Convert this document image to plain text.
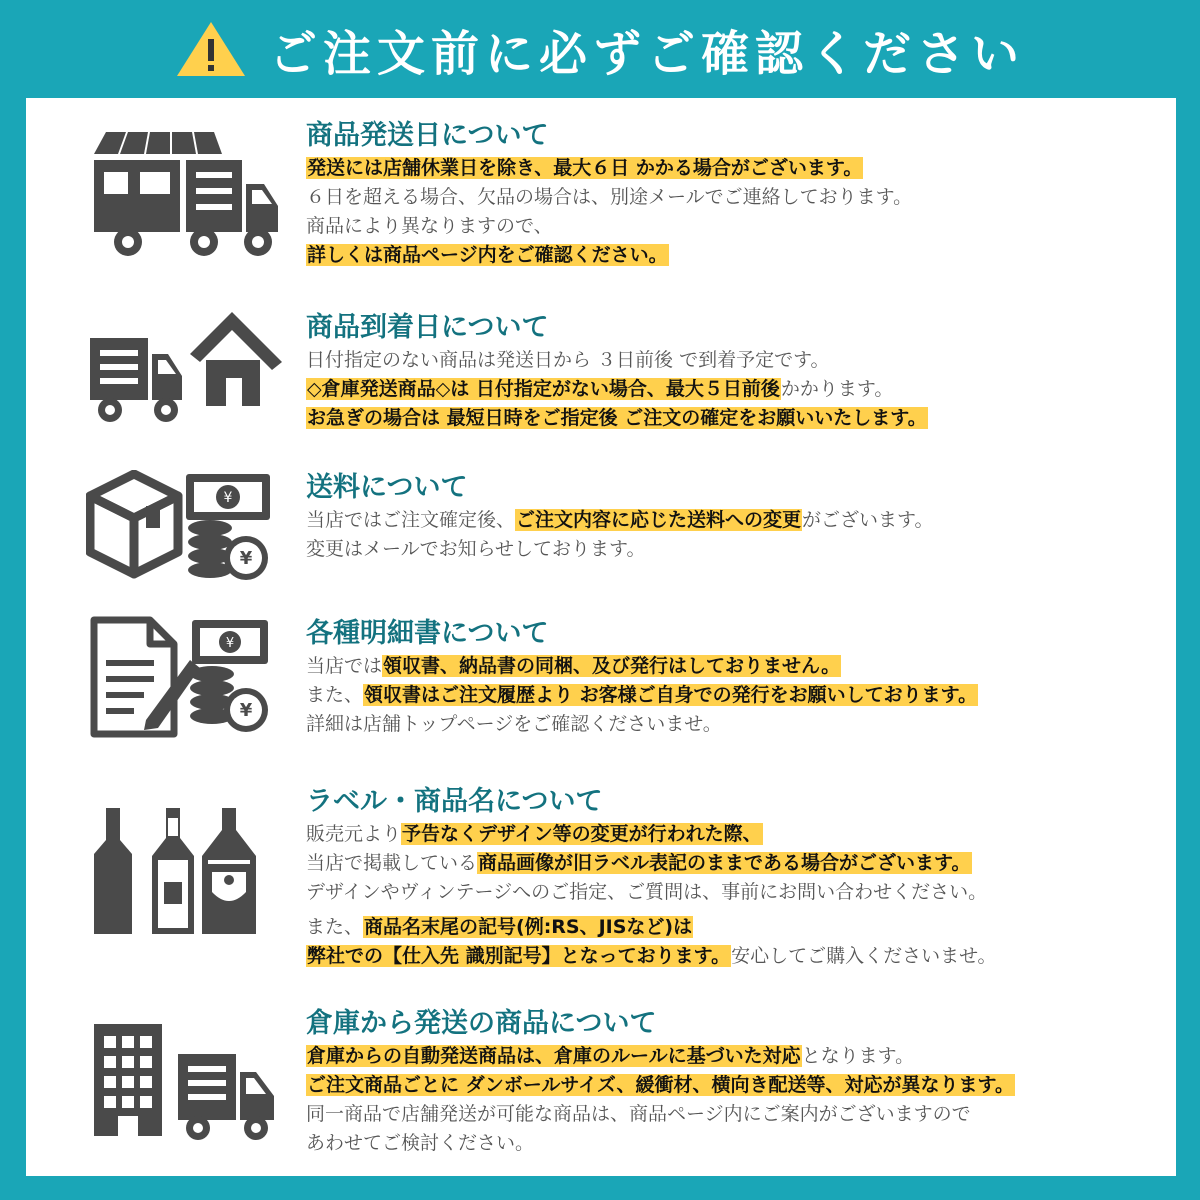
ご注文前に必ずご確認ください
商品発送日について
発送には店舗休業日を除き、最大６日 かかる場合がございます。
６日を超える場合、欠品の場合は、別途メールでご連絡しております。
商品により異なりますので、
詳しくは商品ページ内をご確認ください。
商品到着日について
日付指定のない商品は発送日から ３日前後 で到着予定です。
◇倉庫発送商品◇は 日付指定がない場合、最大５日前後かかります。
お急ぎの場合は 最短日時をご指定後 ご注文の確定をお願いいたします。
¥
¥
送料について
当店ではご注文確定後、ご注文内容に応じた送料への変更がございます。
変更はメールでお知らせしております。
¥
¥
各種明細書について
当店では領収書、納品書の同梱、及び発行はしておりません。
また、領収書はご注文履歴より お客様ご自身での発行をお願いしております。
詳細は店舗トップページをご確認くださいませ。
ラベル・商品名について
販売元より予告なくデザイン等の変更が行われた際、
当店で掲載している商品画像が旧ラベル表記のままである場合がございます。
デザインやヴィンテージへのご指定、ご質問は、事前にお問い合わせください。
また、商品名末尾の記号(例:RS、JISなど)は
弊社での【仕入先 識別記号】となっております。安心してご購入くださいませ。
倉庫から発送の商品について
倉庫からの自動発送商品は、倉庫のルールに基づいた対応となります。
ご注文商品ごとに ダンボールサイズ、緩衝材、横向き配送等、対応が異なります。
同一商品で店舗発送が可能な商品は、商品ページ内にご案内がございますので
あわせてご検討ください。
